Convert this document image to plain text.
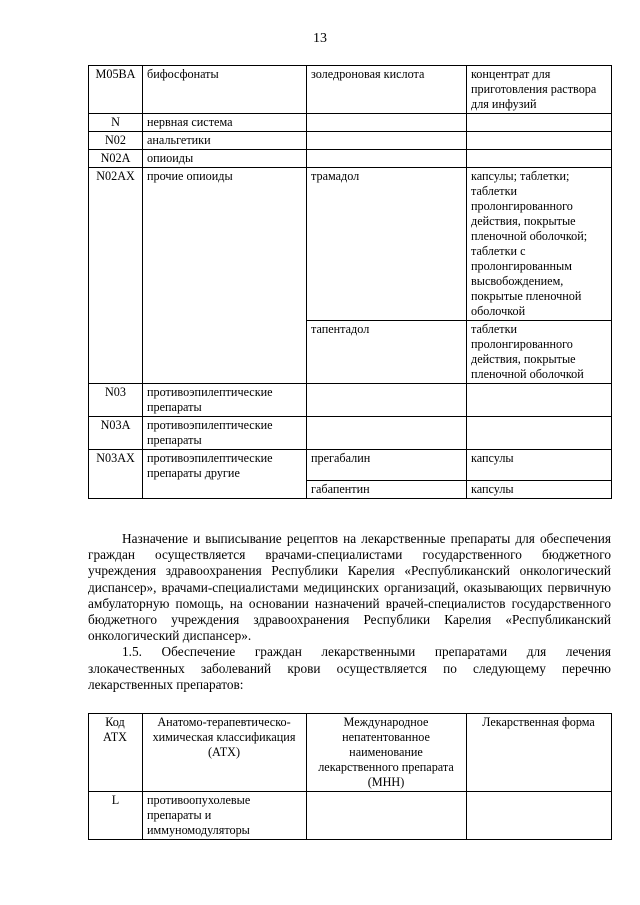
13
M05BA	бифосфонаты	золедроновая кислота	концентрат для приготовления раствора для инфузий
N	нервная система		
N02	анальгетики		
N02A	опиоиды		
N02AX	прочие опиоиды	трамадол	капсулы; таблетки; таблетки пролонгированного действия, покрытые пленочной оболочкой; таблетки с пролонгированным высвобождением, покрытые пленочной оболочкой
		тапентадол	таблетки пролонгированного действия, покрытые пленочной оболочкой
N03	противоэпилептические препараты		
N03A	противоэпилептические препараты		
N03AX	противоэпилептические препараты другие	прегабалин	капсулы
		габапентин	капсулы

Назначение и выписывание рецептов на лекарственные препараты для обеспечения граждан осуществляется врачами-специалистами государственного бюджетного учреждения здравоохранения Республики Карелия «Республиканский онкологический диспансер», врачами-специалистами медицинских организаций, оказывающих первичную амбулаторную помощь, на основании назначений врачей-специалистов государственного бюджетного учреждения здравоохранения Республики Карелия «Республиканский онкологический диспансер».

1.5. Обеспечение граждан лекарственными препаратами для лечения злокачественных заболеваний крови осуществляется по следующему перечню лекарственных препаратов:

Код АТХ	Анатомо-терапевтическо-химическая классификация (АТХ)	Международное непатентованное наименование лекарственного препарата (МНН)	Лекарственная форма
L	противоопухолевые препараты и иммуномодуляторы		
